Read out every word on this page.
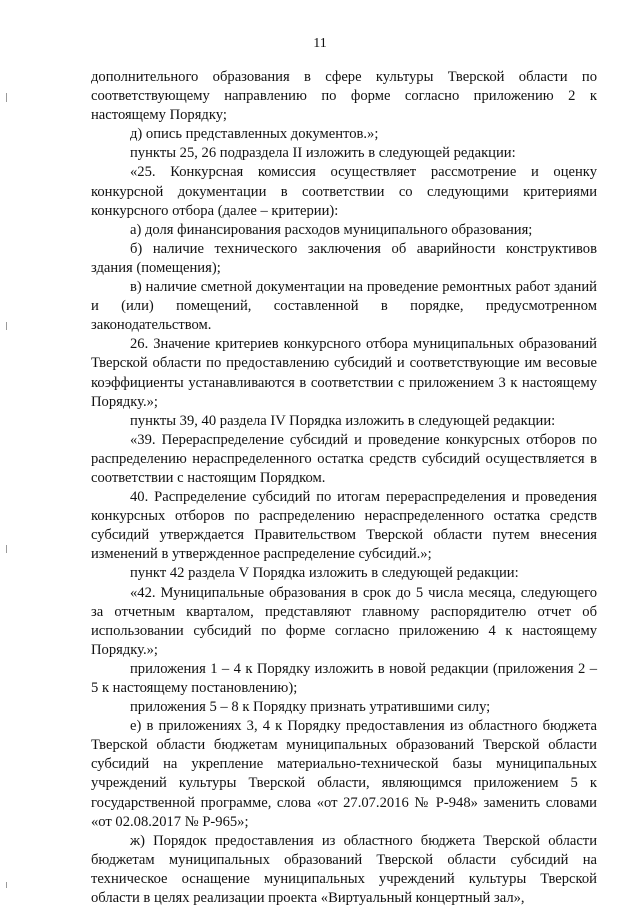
11

дополнительного образования в сфере культуры Тверской области по соответствующему направлению по форме согласно приложению 2 к настоящему Порядку;

д) опись представленных документов.»;

пункты 25, 26 подраздела II изложить в следующей редакции:

«25. Конкурсная комиссия осуществляет рассмотрение и оценку конкурсной документации в соответствии со следующими критериями конкурсного отбора (далее – критерии):

а) доля финансирования расходов муниципального образования;

б) наличие технического заключения об аварийности конструктивов здания (помещения);

в) наличие сметной документации на проведение ремонтных работ зданий и (или) помещений, составленной в порядке, предусмотренном законодательством.

26. Значение критериев конкурсного отбора муниципальных образований Тверской области по предоставлению субсидий и соответствующие им весовые коэффициенты устанавливаются в соответствии с приложением 3 к настоящему Порядку.»;

пункты 39, 40 раздела IV Порядка изложить в следующей редакции:

«39. Перераспределение субсидий и проведение конкурсных отборов по распределению нераспределенного остатка средств субсидий осуществляется в соответствии с настоящим Порядком.

40. Распределение субсидий по итогам перераспределения и проведения конкурсных отборов по распределению нераспределенного остатка средств субсидий утверждается Правительством Тверской области путем внесения изменений в утвержденное распределение субсидий.»;

пункт 42 раздела V Порядка изложить в следующей редакции:

«42. Муниципальные образования в срок до 5 числа месяца, следующего за отчетным кварталом, представляют главному распорядителю отчет об использовании субсидий по форме согласно приложению 4 к настоящему Порядку.»;

приложения 1 – 4 к Порядку изложить в новой редакции (приложения 2 – 5 к настоящему постановлению);

приложения 5 – 8 к Порядку признать утратившими силу;

е) в приложениях 3, 4 к Порядку предоставления из областного бюджета Тверской области бюджетам муниципальных образований Тверской области субсидий на укрепление материально-технической базы муниципальных учреждений культуры Тверской области, являющимся приложением 5 к государственной программе, слова «от 27.07.2016 № Р-948» заменить словами «от 02.08.2017 № Р-965»;

ж) Порядок предоставления из областного бюджета Тверской области бюджетам муниципальных образований Тверской области субсидий на техническое оснащение муниципальных учреждений культуры Тверской области в целях реализации проекта «Виртуальный концертный зал»,
